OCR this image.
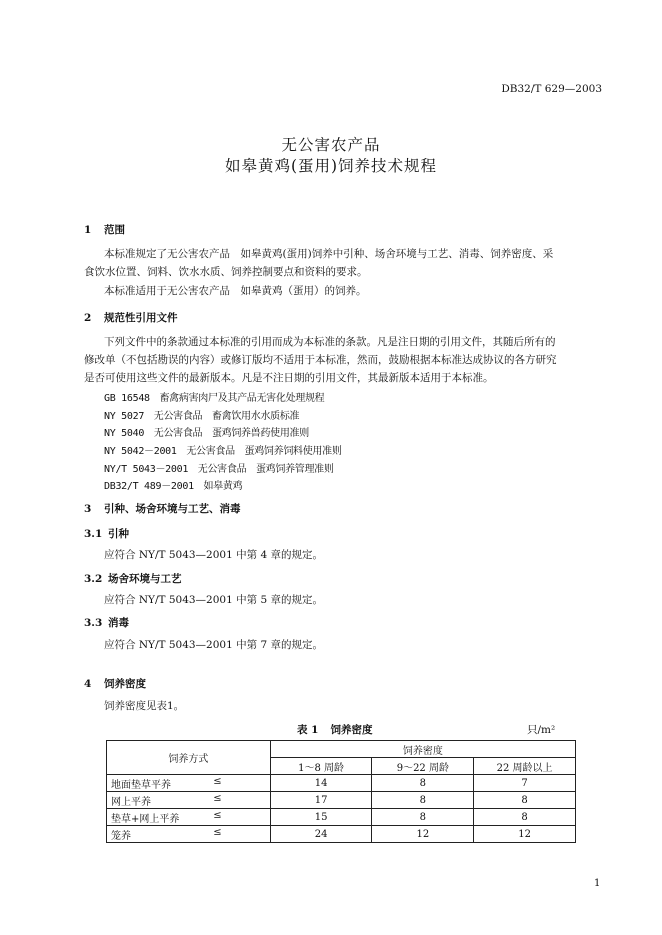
DB32/T 629—2003
无公害农产品
如皋黄鸡(蛋用)饲养技术规程
1 范围
本标准规定了无公害农产品　如皋黄鸡(蛋用)饲养中引种、场舍环境与工艺、消毒、饲养密度、采
食饮水位置、饲料、饮水水质、饲养控制要点和资料的要求。
本标准适用于无公害农产品　如皋黄鸡（蛋用）的饲养。
2 规范性引用文件
下列文件中的条款通过本标准的引用而成为本标准的条款。凡是注日期的引用文件，其随后所有的
修改单（不包括勘误的内容）或修订版均不适用于本标准，然而，鼓励根据本标准达成协议的各方研究
是否可使用这些文件的最新版本。凡是不注日期的引用文件，其最新版本适用于本标准。
GB 16548　畜禽病害肉尸及其产品无害化处理规程
NY 5027　无公害食品　畜禽饮用水水质标准
NY 5040　无公害食品　蛋鸡饲养兽药使用准则
NY 5042－2001　无公害食品　蛋鸡饲养饲料使用准则
NY/T 5043－2001　无公害食品　蛋鸡饲养管理准则
DB32/T 489－2001　如皋黄鸡
3 引种、场舍环境与工艺、消毒
3.1 引种
应符合 NY/T 5043—2001 中第 4 章的规定。
3.2 场舍环境与工艺
应符合 NY/T 5043—2001 中第 5 章的规定。
3.3 消毒
应符合 NY/T 5043—2001 中第 7 章的规定。
4 饲养密度
饲养密度见表1。
表 1 饲养密度	只/m²
饲养方式	饲养密度		
	1～8 周龄	9～22 周龄	22 周龄以上
地面垫草平养 ≤	14	8	7
网上平养 ≤	17	8	8
垫草+网上平养 ≤	15	8	8
笼养 ≤	24	12	12
1
